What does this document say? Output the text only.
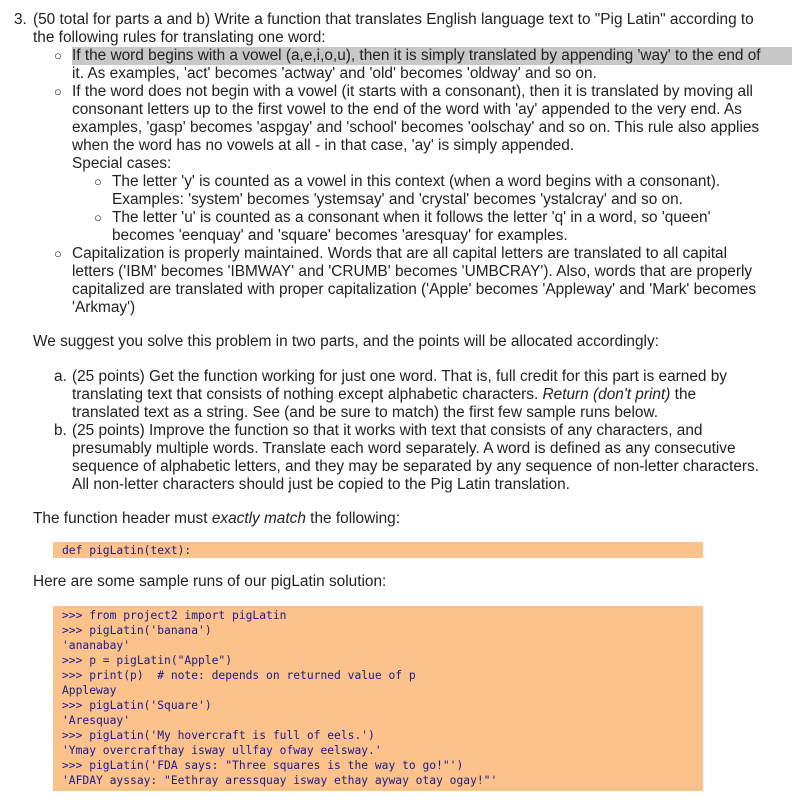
3. (50 total for parts a and b) Write a function that translates English language text to "Pig Latin" according to
the following rules for translating one word:
○ If the word begins with a vowel (a,e,i,o,u), then it is simply translated by appending 'way' to the end of
it. As examples, 'act' becomes 'actway' and 'old' becomes 'oldway' and so on.
○ If the word does not begin with a vowel (it starts with a consonant), then it is translated by moving all
consonant letters up to the first vowel to the end of the word with 'ay' appended to the very end. As
examples, 'gasp' becomes 'aspgay' and 'school' becomes 'oolschay' and so on. This rule also applies
when the word has no vowels at all - in that case, 'ay' is simply appended.
Special cases:
○ The letter 'y' is counted as a vowel in this context (when a word begins with a consonant).
Examples: 'system' becomes 'ystemsay' and 'crystal' becomes 'ystalcray' and so on.
○ The letter 'u' is counted as a consonant when it follows the letter 'q' in a word, so 'queen'
becomes 'eenquay' and 'square' becomes 'aresquay' for examples.
○ Capitalization is properly maintained. Words that are all capital letters are translated to all capital
letters ('IBM' becomes 'IBMWAY' and 'CRUMB' becomes 'UMBCRAY'). Also, words that are properly
capitalized are translated with proper capitalization ('Apple' becomes 'Appleway' and 'Mark' becomes
'Arkmay')
We suggest you solve this problem in two parts, and the points will be allocated accordingly:
a. (25 points) Get the function working for just one word. That is, full credit for this part is earned by
translating text that consists of nothing except alphabetic characters. Return (don't print) the
translated text as a string. See (and be sure to match) the first few sample runs below.
b. (25 points) Improve the function so that it works with text that consists of any characters, and
presumably multiple words. Translate each word separately. A word is defined as any consecutive
sequence of alphabetic letters, and they may be separated by any sequence of non-letter characters.
All non-letter characters should just be copied to the Pig Latin translation.
The function header must exactly match the following:
def pigLatin(text):
Here are some sample runs of our pigLatin solution:
>>> from project2 import pigLatin
>>> pigLatin('banana')
'ananabay'
>>> p = pigLatin("Apple")
>>> print(p)  # note: depends on returned value of p
Appleway
>>> pigLatin('Square')
'Aresquay'
>>> pigLatin('My hovercraft is full of eels.')
'Ymay overcrafthay isway ullfay ofway eelsway.'
>>> pigLatin('FDA says: "Three squares is the way to go!"')
'AFDAY ayssay: "Eethray aressquay isway ethay ayway otay ogay!"'
